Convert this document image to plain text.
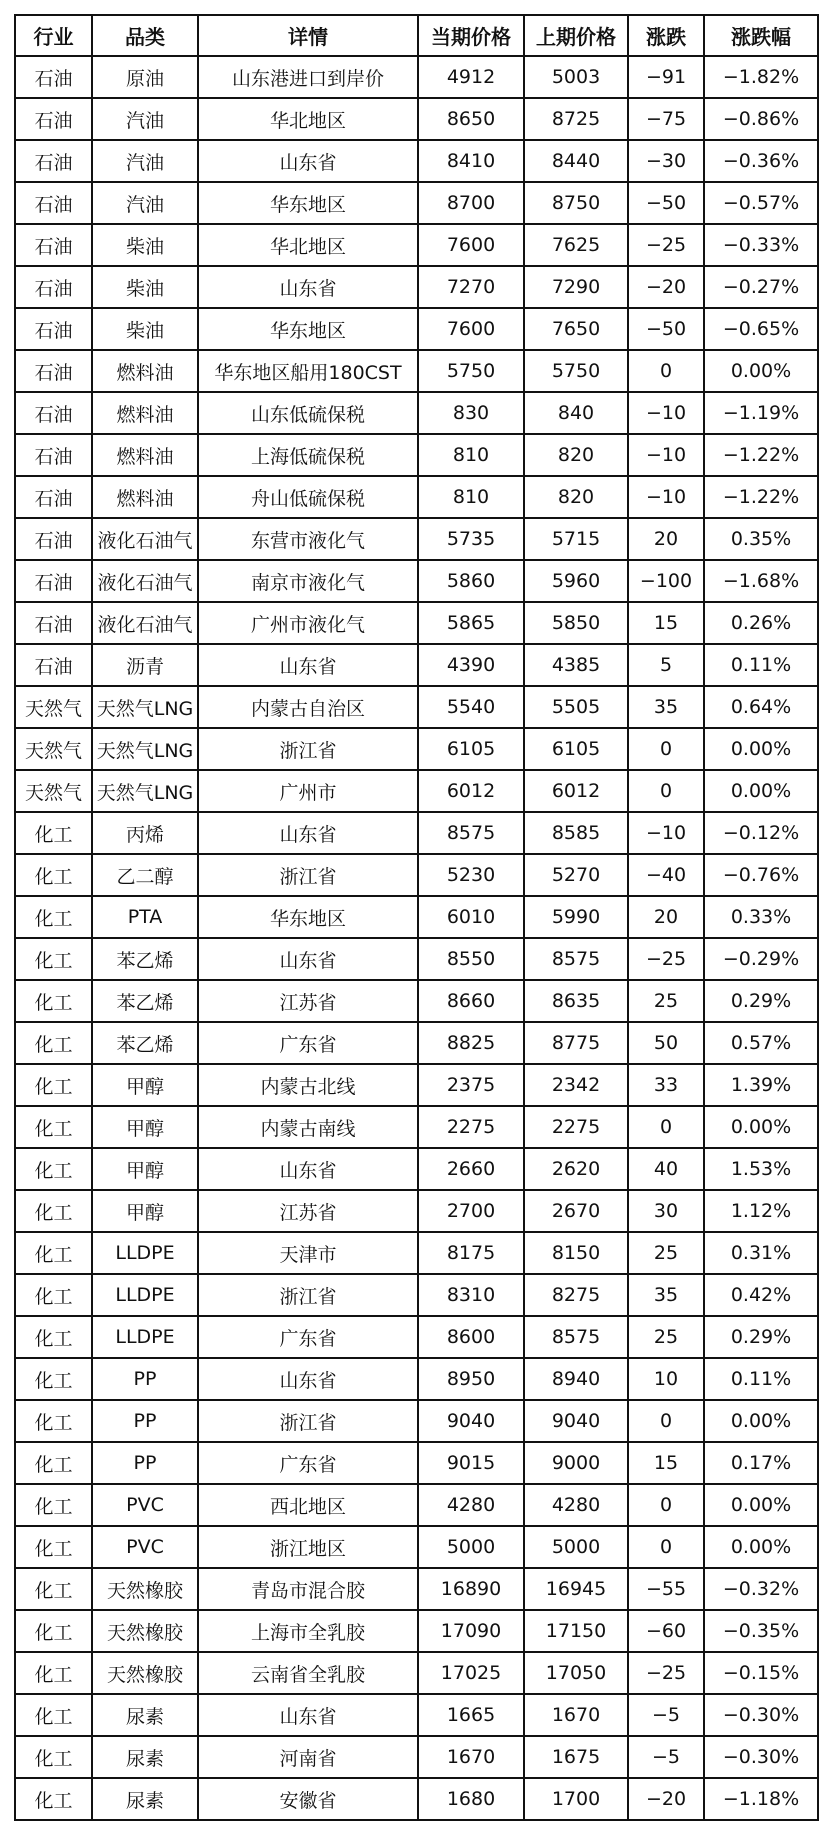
行业	品类	详情	当期价格	上期价格	涨跌	涨跌幅
石油	原油	山东港进口到岸价	4912	5003	−91	−1.82%
石油	汽油	华北地区	8650	8725	−75	−0.86%
石油	汽油	山东省	8410	8440	−30	−0.36%
石油	汽油	华东地区	8700	8750	−50	−0.57%
石油	柴油	华北地区	7600	7625	−25	−0.33%
石油	柴油	山东省	7270	7290	−20	−0.27%
石油	柴油	华东地区	7600	7650	−50	−0.65%
石油	燃料油	华东地区船用180CST	5750	5750	0	0.00%
石油	燃料油	山东低硫保税	830	840	−10	−1.19%
石油	燃料油	上海低硫保税	810	820	−10	−1.22%
石油	燃料油	舟山低硫保税	810	820	−10	−1.22%
石油	液化石油气	东营市液化气	5735	5715	20	0.35%
石油	液化石油气	南京市液化气	5860	5960	−100	−1.68%
石油	液化石油气	广州市液化气	5865	5850	15	0.26%
石油	沥青	山东省	4390	4385	5	0.11%
天然气	天然气LNG	内蒙古自治区	5540	5505	35	0.64%
天然气	天然气LNG	浙江省	6105	6105	0	0.00%
天然气	天然气LNG	广州市	6012	6012	0	0.00%
化工	丙烯	山东省	8575	8585	−10	−0.12%
化工	乙二醇	浙江省	5230	5270	−40	−0.76%
化工	PTA	华东地区	6010	5990	20	0.33%
化工	苯乙烯	山东省	8550	8575	−25	−0.29%
化工	苯乙烯	江苏省	8660	8635	25	0.29%
化工	苯乙烯	广东省	8825	8775	50	0.57%
化工	甲醇	内蒙古北线	2375	2342	33	1.39%
化工	甲醇	内蒙古南线	2275	2275	0	0.00%
化工	甲醇	山东省	2660	2620	40	1.53%
化工	甲醇	江苏省	2700	2670	30	1.12%
化工	LLDPE	天津市	8175	8150	25	0.31%
化工	LLDPE	浙江省	8310	8275	35	0.42%
化工	LLDPE	广东省	8600	8575	25	0.29%
化工	PP	山东省	8950	8940	10	0.11%
化工	PP	浙江省	9040	9040	0	0.00%
化工	PP	广东省	9015	9000	15	0.17%
化工	PVC	西北地区	4280	4280	0	0.00%
化工	PVC	浙江地区	5000	5000	0	0.00%
化工	天然橡胶	青岛市混合胶	16890	16945	−55	−0.32%
化工	天然橡胶	上海市全乳胶	17090	17150	−60	−0.35%
化工	天然橡胶	云南省全乳胶	17025	17050	−25	−0.15%
化工	尿素	山东省	1665	1670	−5	−0.30%
化工	尿素	河南省	1670	1675	−5	−0.30%
化工	尿素	安徽省	1680	1700	−20	−1.18%
